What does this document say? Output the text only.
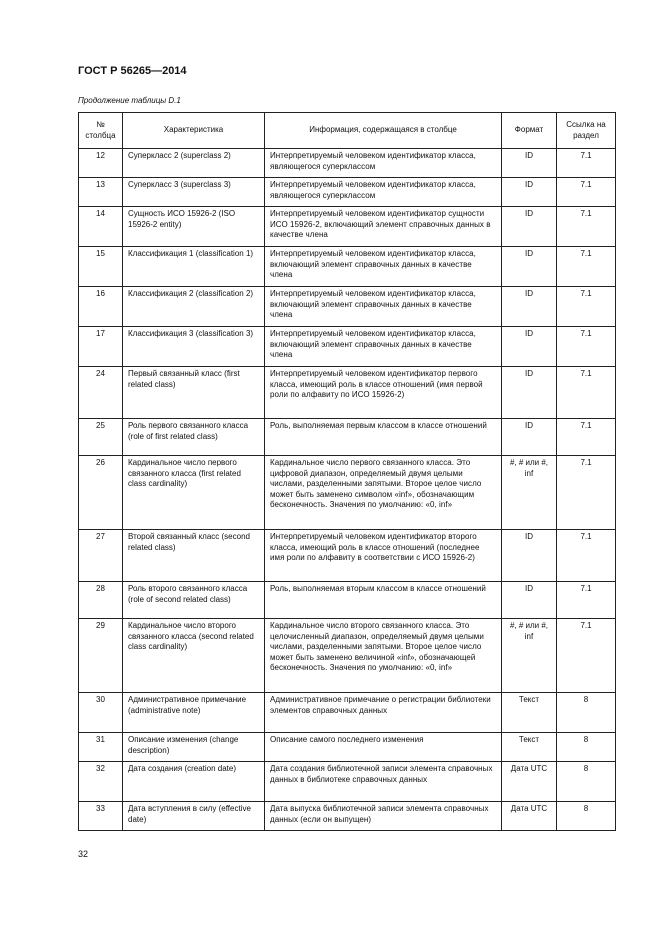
ГОСТ Р 56265—2014
Продолжение таблицы D.1
№ столбца	Характеристика	Информация, содержащаяся в столбце	Формат	Ссылка на раздел
12	Суперкласс 2 (superclass 2)	Интерпретируемый человеком идентификатор класса, являющегося суперклассом	ID	7.1
13	Суперкласс 3 (superclass 3)	Интерпретируемый человеком идентификатор класса, являющегося суперклассом	ID	7.1
14	Сущность ИСО 15926-2 (ISO 15926-2 entity)	Интерпретируемый человеком идентификатор сущности ИСО 15926-2, включающий элемент справочных данных в качестве члена	ID	7.1
15	Классификация 1 (classification 1)	Интерпретируемый человеком идентификатор класса, включающий элемент справочных данных в качестве члена	ID	7.1
16	Классификация 2 (classification 2)	Интерпретируемый человеком идентификатор класса, включающий элемент справочных данных в качестве члена	ID	7.1
17	Классификация 3 (classification 3)	Интерпретируемый человеком идентификатор класса, включающий элемент справочных данных в качестве члена	ID	7.1
24	Первый связанный класс (first related class)	Интерпретируемый человеком идентификатор первого класса, имеющий роль в классе отношений (имя первой роли по алфавиту по ИСО 15926-2)	ID	7.1
25	Роль первого связанного класса (role of first related class)	Роль, выполняемая первым классом в классе отношений	ID	7.1
26	Кардинальное число первого связанного класса (first related class cardinality)	Кардинальное число первого связанного класса. Это цифровой диапазон, определяемый двумя целыми числами, разделенными запятыми. Второе целое число может быть заменено символом «inf», обозначающим бесконечность. Значения по умолчанию: «0, inf»	#, # или #, inf	7.1
27	Второй связанный класс (second related class)	Интерпретируемый человеком идентификатор второго класса, имеющий роль в классе отношений (последнее имя роли по алфавиту в соответствии с ИСО 15926-2)	ID	7.1
28	Роль второго связанного класса (role of second related class)	Роль, выполняемая вторым классом в классе отношений	ID	7.1
29	Кардинальное число второго связанного класса (second related class cardinality)	Кардинальное число второго связанного класса. Это целочисленный диапазон, определяемый двумя целыми числами, разделенными запятыми. Второе целое число может быть заменено величиной «inf», обозначающей бесконечность. Значения по умолчанию: «0, inf»	#, # или #, inf	7.1
30	Административное примечание (administrative note)	Административное примечание о регистрации библиотеки элементов справочных данных	Текст	8
31	Описание изменения (change description)	Описание самого последнего изменения	Текст	8
32	Дата создания (creation date)	Дата создания библиотечной записи элемента справочных данных в библиотеке справочных данных	Дата UTC	8
33	Дата вступления в силу (effective date)	Дата выпуска библиотечной записи элемента справочных данных (если он выпущен)	Дата UTC	8
32
